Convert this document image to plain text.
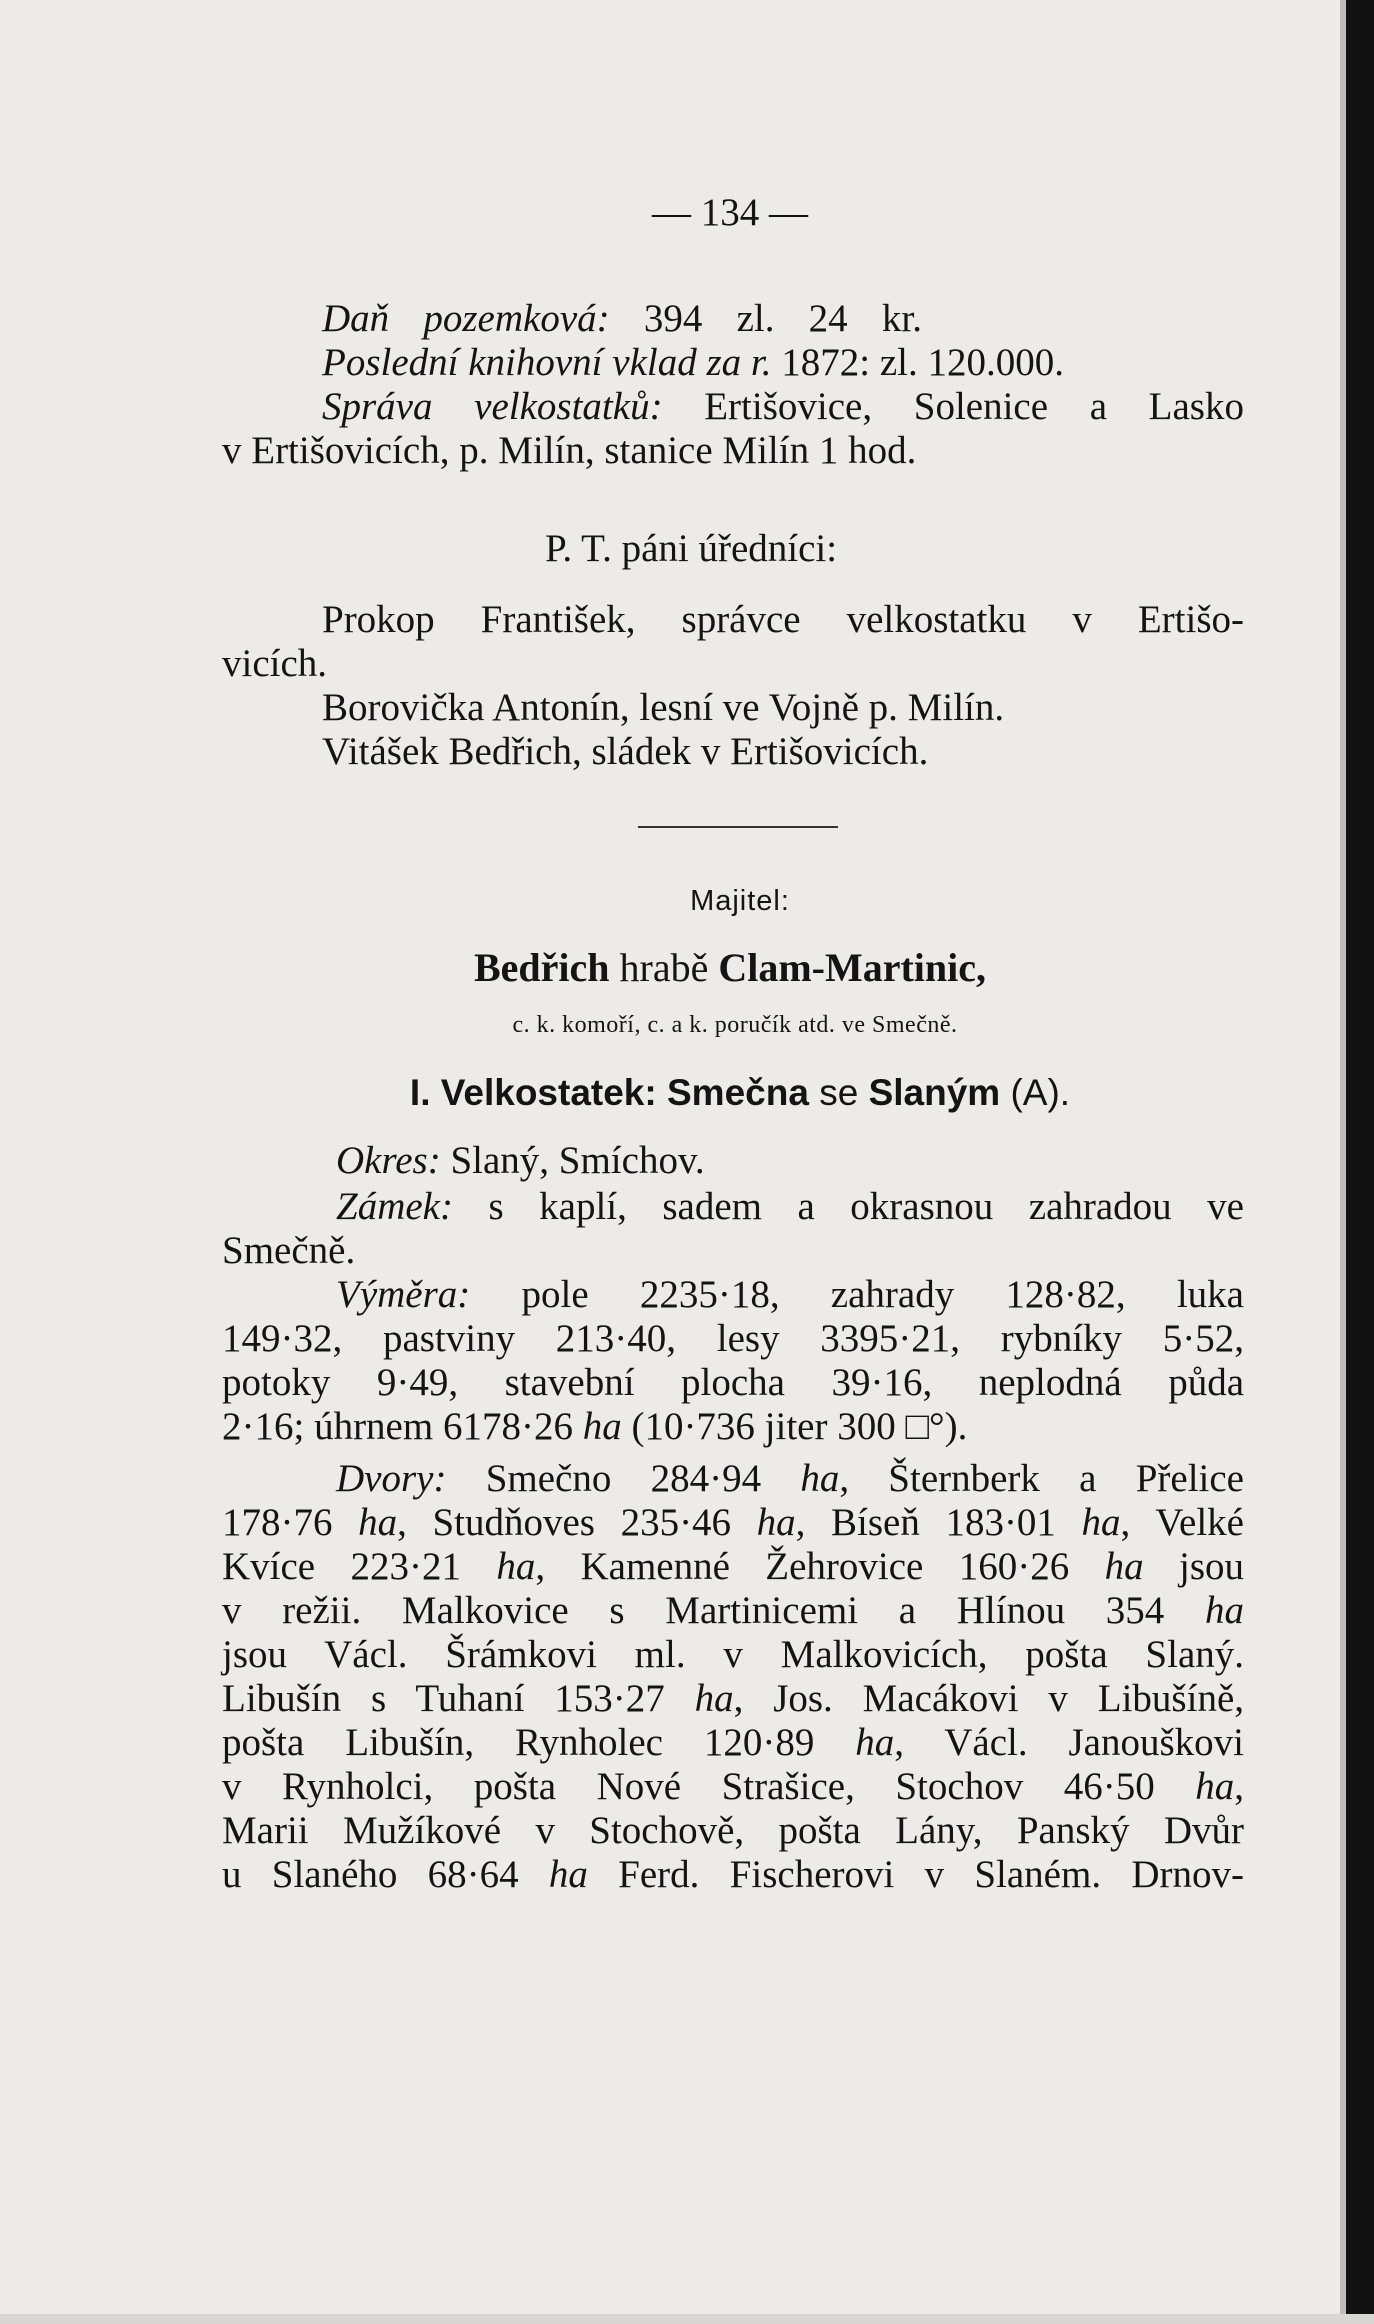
— 134 —
Daň pozemková: 394 zl. 24 kr.
Poslední knihovní vklad za r. 1872: zl. 120.000.
Správa velkostatků: Ertišovice, Solenice a Lasko
v Ertišovicích, p. Milín, stanice Milín 1 hod.
P. T. páni úředníci:
Prokop František, správce velkostatku v Ertišo-
vicích.
Borovička Antonín, lesní ve Vojně p. Milín.
Vitášek Bedřich, sládek v Ertišovicích.
Majitel:
Bedřich hrabě Clam-Martinic,
c. k. komoří, c. a k. poručík atd. ve Smečně.
I. Velkostatek: Smečna se Slaným (A).
Okres: Slaný, Smíchov.
Zámek: s kaplí, sadem a okrasnou zahradou ve
Smečně.
Výměra: pole 2235·18, zahrady 128·82, luka
149·32, pastviny 213·40, lesy 3395·21, rybníky 5·52,
potoky 9·49, stavební plocha 39·16, neplodná půda
2·16; úhrnem 6178·26 ha (10·736 jiter 300 □°).
Dvory: Smečno 284·94 ha, Šternberk a Přelice
178·76 ha, Studňoves 235·46 ha, Bíseň 183·01 ha, Velké
Kvíce 223·21 ha, Kamenné Žehrovice 160·26 ha jsou
v režii. Malkovice s Martinicemi a Hlínou 354 ha
jsou Václ. Šrámkovi ml. v Malkovicích, pošta Slaný.
Libušín s Tuhaní 153·27 ha, Jos. Macákovi v Libušíně,
pošta Libušín, Rynholec 120·89 ha, Václ. Janouškovi
v Rynholci, pošta Nové Strašice, Stochov 46·50 ha,
Marii Mužíkové v Stochově, pošta Lány, Panský Dvůr
u Slaného 68·64 ha Ferd. Fischerovi v Slaném. Drnov-
